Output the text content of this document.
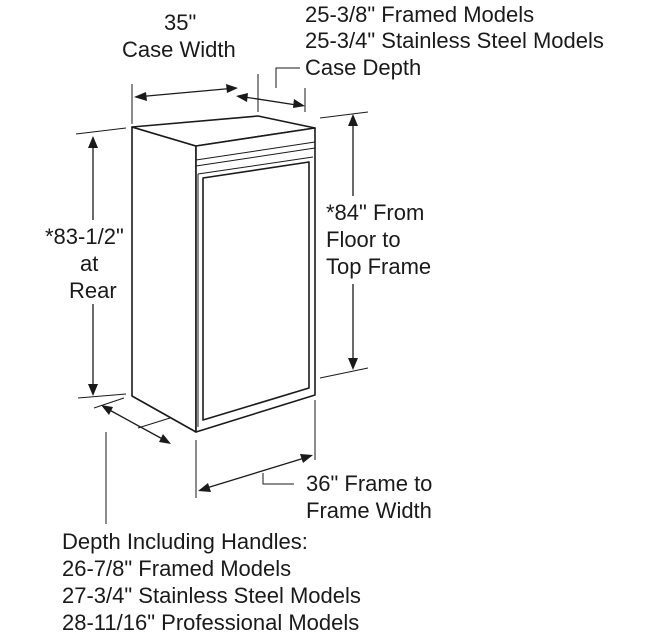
35"
Case Width
25-3/8" Framed Models
25-3/4" Stainless Steel Models
Case Depth
*83-1/2"
at
Rear
*84" From
Floor to
Top Frame
36" Frame to
Frame Width
Depth Including Handles:
26-7/8" Framed Models
27-3/4" Stainless Steel Models
28-11/16" Professional Models
